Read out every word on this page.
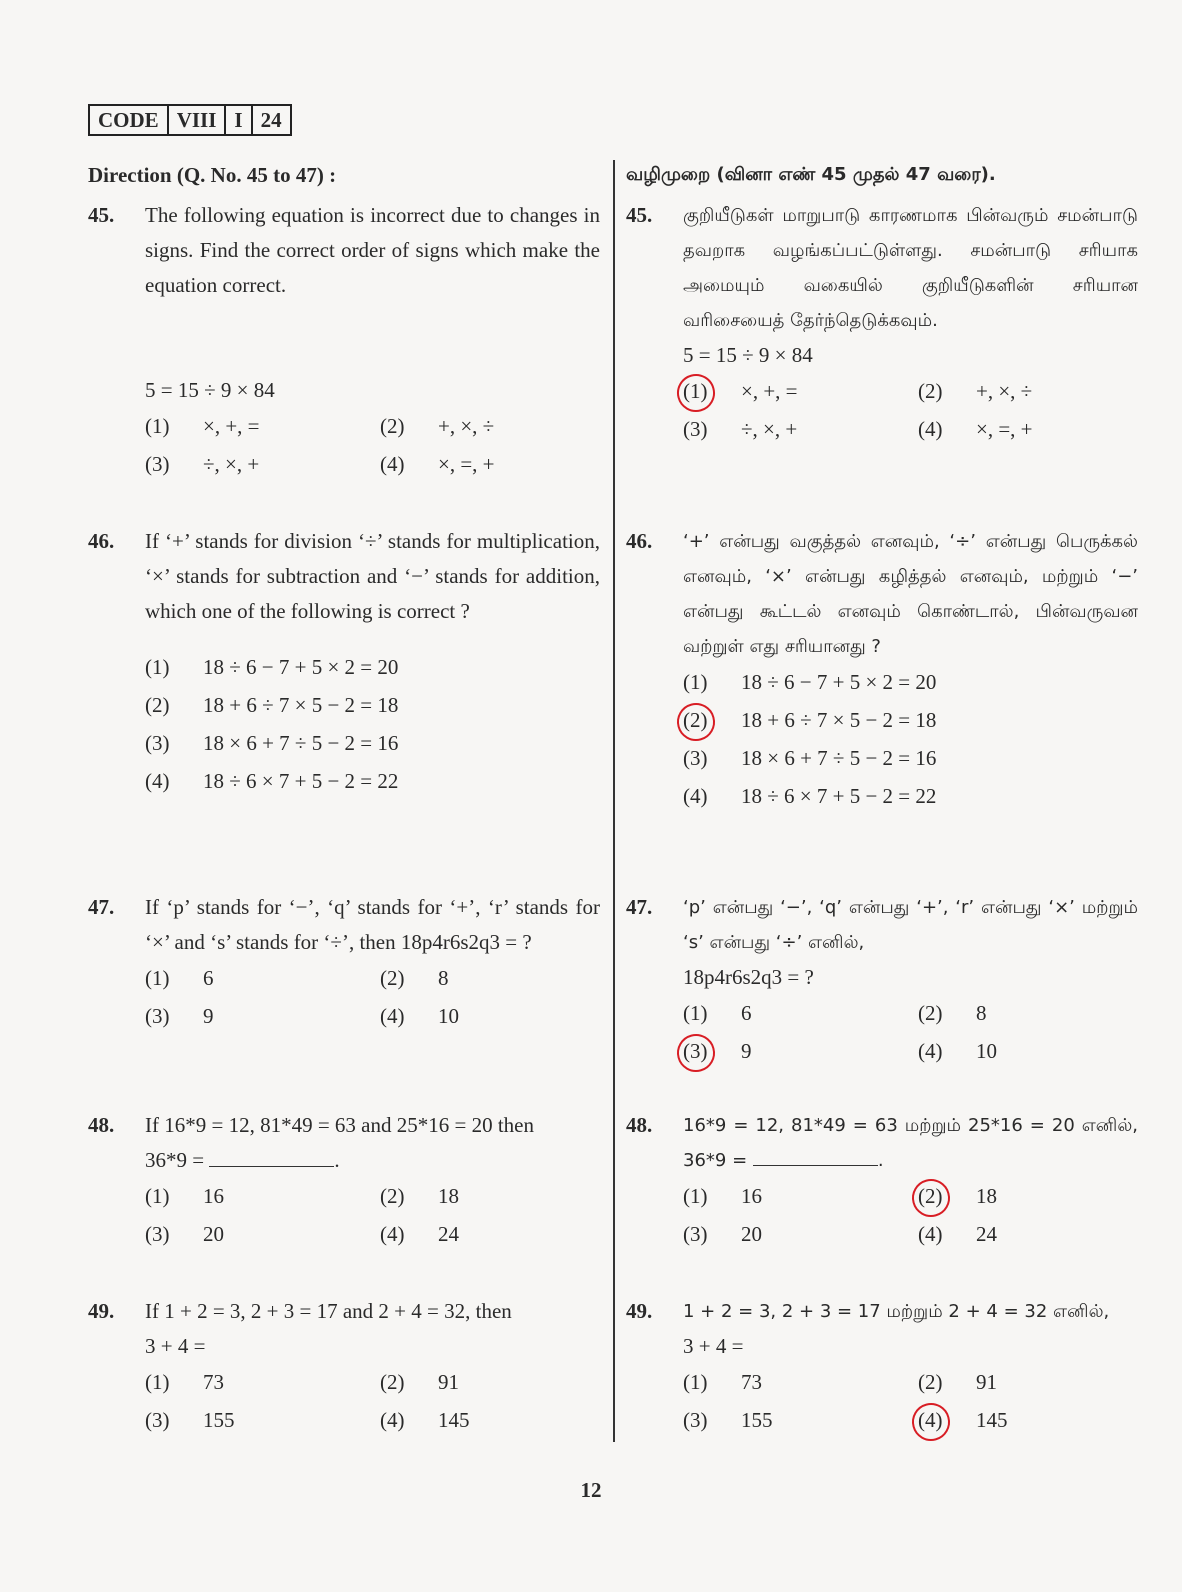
CODE VIII I 24
Direction (Q. No. 45 to 47) :
45. The following equation is incorrect due to changes in signs. Find the correct order of signs which make the equation correct.
5 = 15 ÷ 9 × 84
(1) ×, +, =	(2) +, ×, ÷
(3) ÷, ×, +	(4) ×, =, +
46. If ‘+’ stands for division ‘÷’ stands for multiplication, ‘×’ stands for subtraction and ‘−’ stands for addition, which one of the following is correct ?
(1) 18 ÷ 6 − 7 + 5 × 2 = 20
(2) 18 + 6 ÷ 7 × 5 − 2 = 18
(3) 18 × 6 + 7 ÷ 5 − 2 = 16
(4) 18 ÷ 6 × 7 + 5 − 2 = 22
47. If ‘p’ stands for ‘−’, ‘q’ stands for ‘+’, ‘r’ stands for ‘×’ and ‘s’ stands for ‘÷’, then 18p4r6s2q3 = ?
(1) 6	(2) 8
(3) 9	(4) 10
48. If 16*9 = 12, 81*49 = 63 and 25*16 = 20 then
36*9 =	.
(1) 16	(2) 18
(3) 20	(4) 24
49. If 1 + 2 = 3, 2 + 3 = 17 and 2 + 4 = 32, then
3 + 4 =
(1) 73	(2) 91
(3) 155	(4) 145
வழிமுறை (வினா எண் 45 முதல் 47 வரை).
45. குறியீடுகள் மாறுபாடு காரணமாக பின்வரும் சமன்பாடு தவறாக வழங்கப்பட்டுள்ளது. சமன்பாடு சரியாக அமையும் வகையில் குறியீடுகளின் சரியான வரிசையைத் தேர்ந்தெடுக்கவும்.
5 = 15 ÷ 9 × 84
(1) ×, +, =	(2) +, ×, ÷
(3) ÷, ×, +	(4) ×, =, +
46. ‘+’ என்பது வகுத்தல் எனவும், ‘÷’ என்பது பெருக்கல் எனவும், ‘×’ என்பது கழித்தல் எனவும், மற்றும் ‘−’ என்பது கூட்டல் எனவும் கொண்டால், பின்வருவன வற்றுள் எது சரியானது ?
(1) 18 ÷ 6 − 7 + 5 × 2 = 20
(2) 18 + 6 ÷ 7 × 5 − 2 = 18
(3) 18 × 6 + 7 ÷ 5 − 2 = 16
(4) 18 ÷ 6 × 7 + 5 − 2 = 22
47. ‘p’ என்பது ‘−’, ‘q’ என்பது ‘+’, ‘r’ என்பது ‘×’ மற்றும் ‘s’ என்பது ‘÷’ எனில்,
18p4r6s2q3 = ?
(1) 6	(2) 8
(3) 9	(4) 10
48. 16*9 = 12, 81*49 = 63 மற்றும் 25*16 = 20 எனில், 36*9 =	.
(1) 16	(2) 18
(3) 20	(4) 24
49. 1 + 2 = 3, 2 + 3 = 17 மற்றும் 2 + 4 = 32 எனில்,
3 + 4 =
(1) 73	(2) 91
(3) 155	(4) 145
12
